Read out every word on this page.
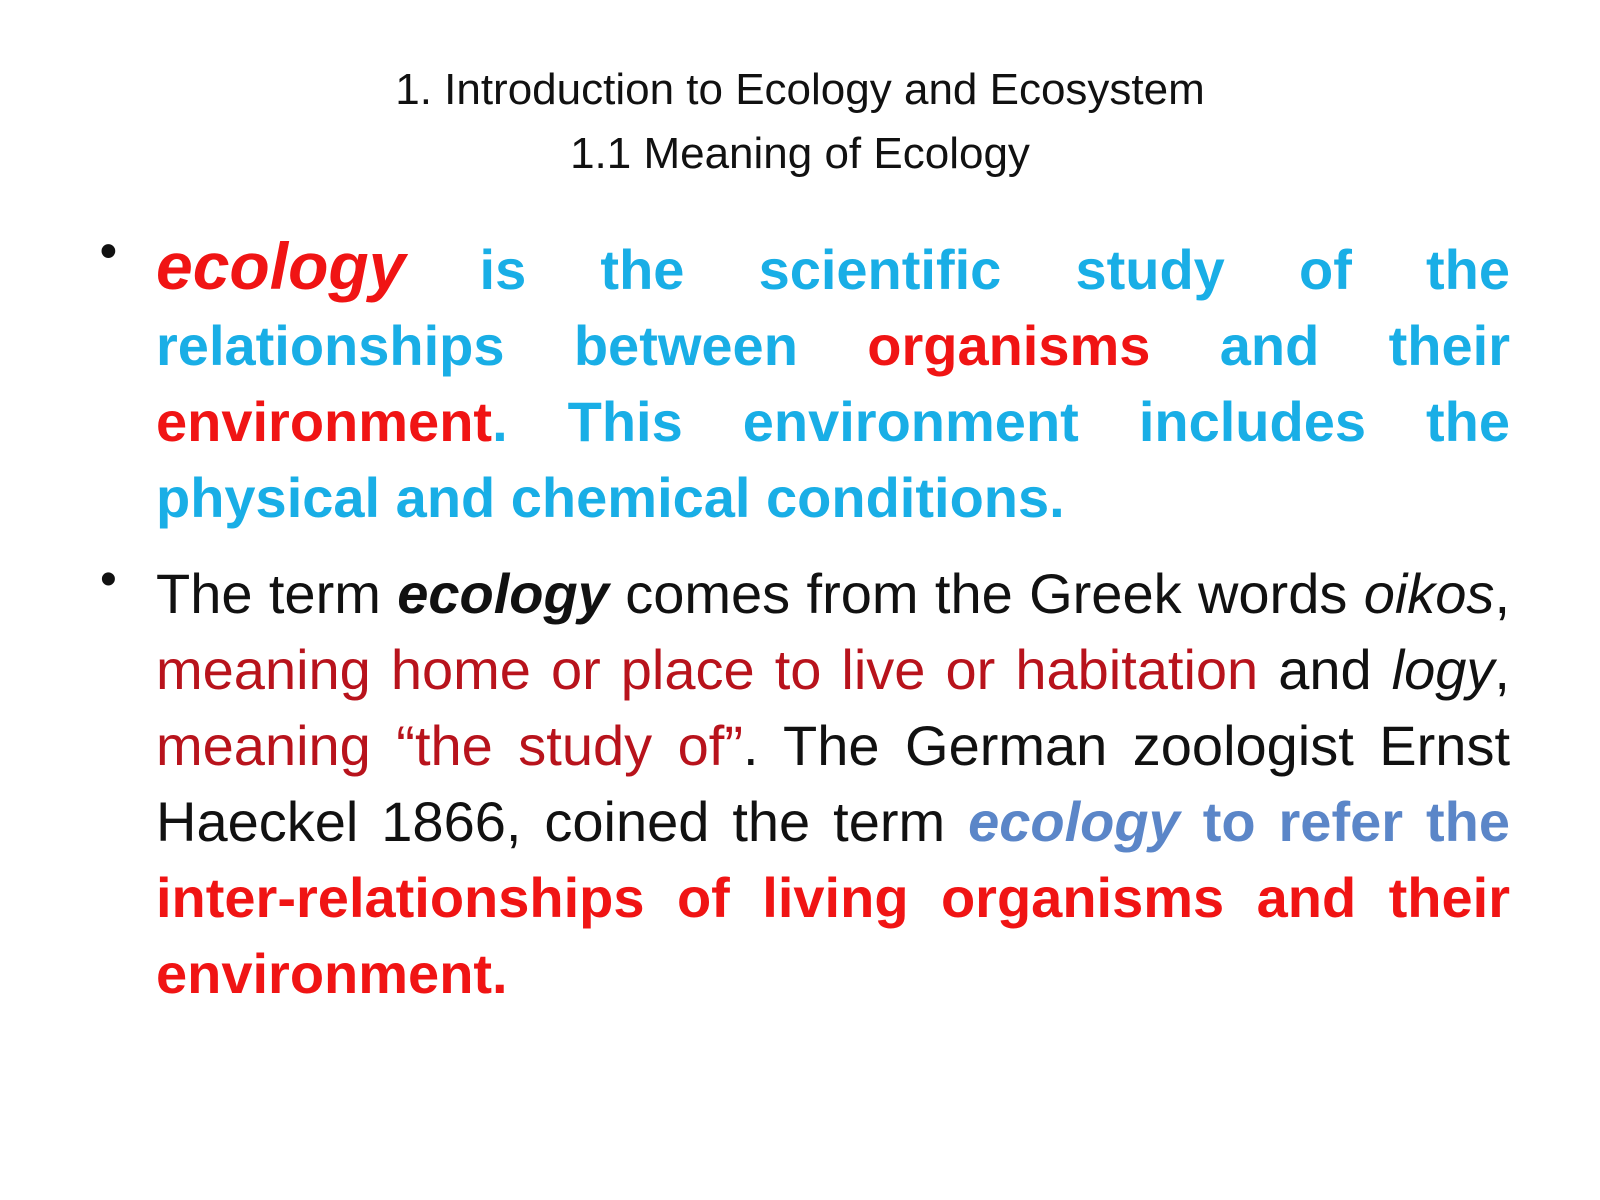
1. Introduction to Ecology and Ecosystem
1.1 Meaning of Ecology
• ecology is the scientific study of the relationships between organisms and their environment. This environment includes the physical and chemical conditions.
• The term ecology comes from the Greek words oikos, meaning home or place to live or habitation and logy, meaning “the study of”. The German zoologist Ernst Haeckel 1866, coined the term ecology to refer the inter-relationships of living organisms and their environment.
